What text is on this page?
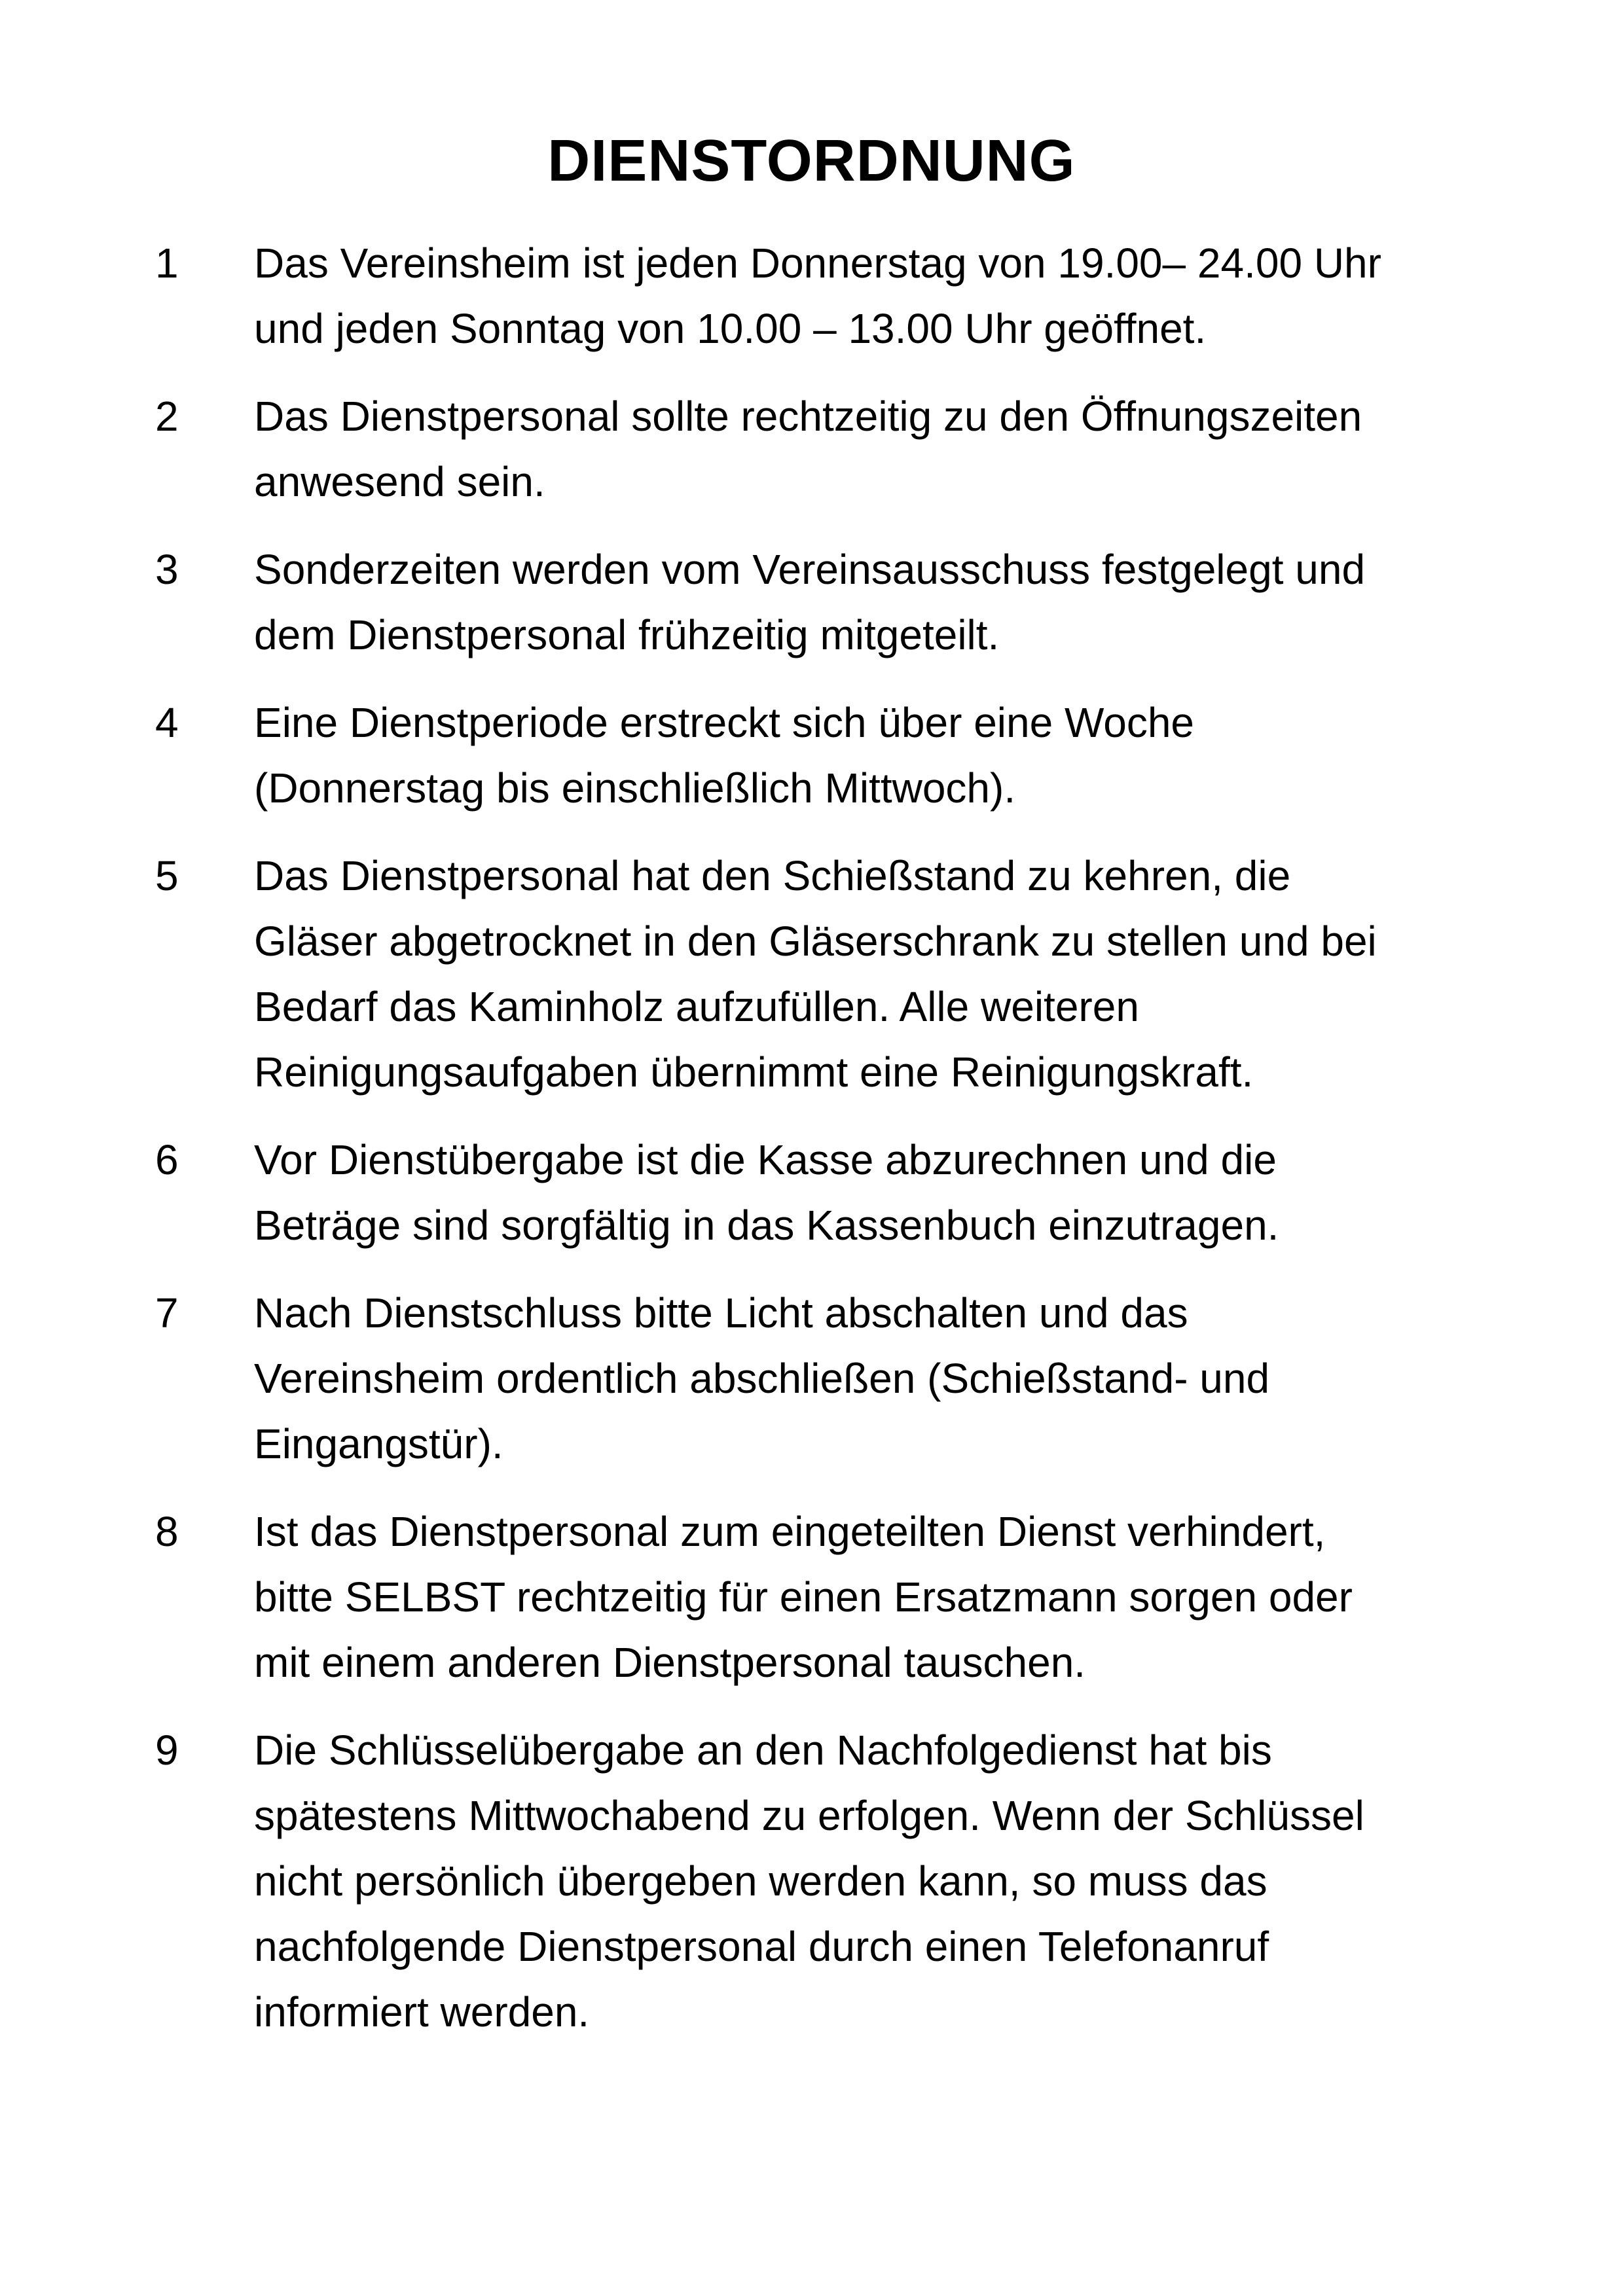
DIENSTORDNUNG
1	Das Vereinsheim ist jeden Donnerstag von 19.00– 24.00 Uhr
und jeden Sonntag von 10.00 – 13.00 Uhr geöffnet.
2	Das Dienstpersonal sollte rechtzeitig zu den Öffnungszeiten
anwesend sein.
3	Sonderzeiten werden vom Vereinsausschuss festgelegt und
dem Dienstpersonal frühzeitig mitgeteilt.
4	Eine Dienstperiode erstreckt sich über eine Woche
(Donnerstag bis einschließlich Mittwoch).
5	Das Dienstpersonal hat den Schießstand zu kehren, die
Gläser abgetrocknet in den Gläserschrank zu stellen und bei
Bedarf das Kaminholz aufzufüllen. Alle weiteren
Reinigungsaufgaben übernimmt eine Reinigungskraft.
6	Vor Dienstübergabe ist die Kasse abzurechnen und die
Beträge sind sorgfältig in das Kassenbuch einzutragen.
7	Nach Dienstschluss bitte Licht abschalten und das
Vereinsheim ordentlich abschließen (Schießstand- und
Eingangstür).
8	Ist das Dienstpersonal zum eingeteilten Dienst verhindert,
bitte SELBST rechtzeitig für einen Ersatzmann sorgen oder
mit einem anderen Dienstpersonal tauschen.
9	Die Schlüsselübergabe an den Nachfolgedienst hat bis
spätestens Mittwochabend zu erfolgen. Wenn der Schlüssel
nicht persönlich übergeben werden kann, so muss das
nachfolgende Dienstpersonal durch einen Telefonanruf
informiert werden.
